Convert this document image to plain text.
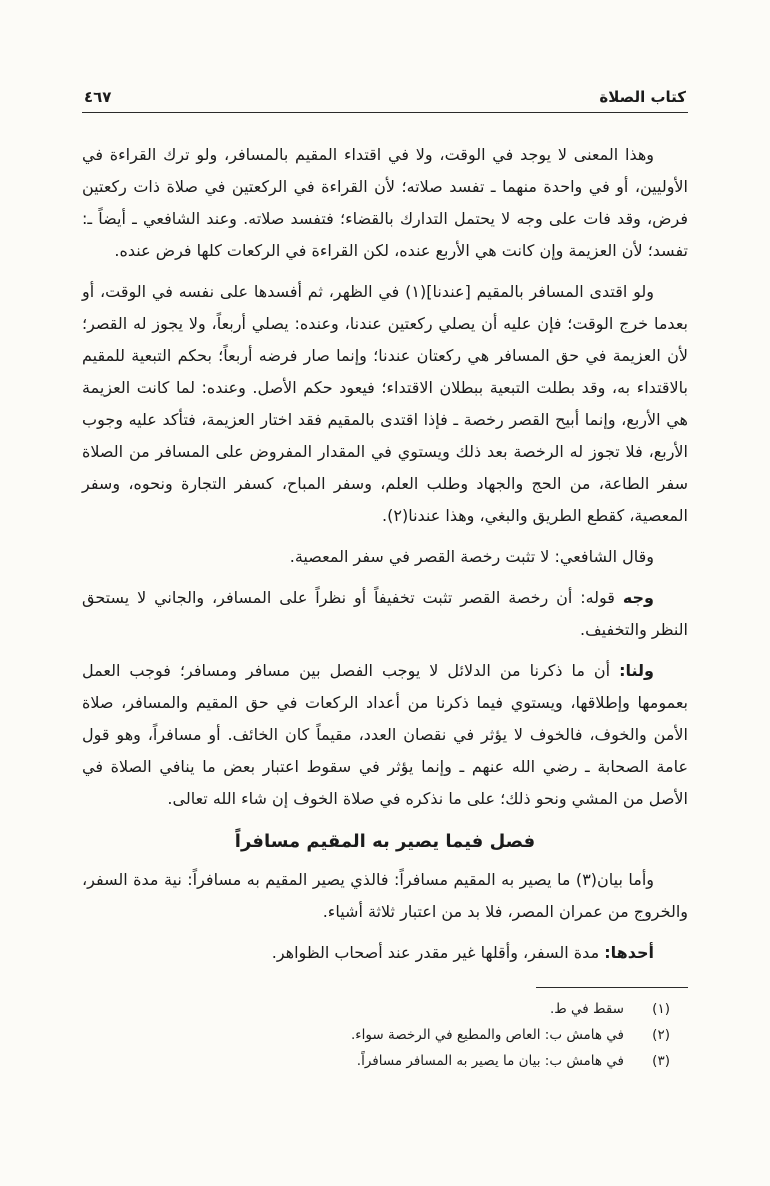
كتاب الصلاة
٤٦٧

وهذا المعنى لا يوجد في الوقت، ولا في اقتداء المقيم بالمسافر، ولو ترك القراءة في الأوليين، أو في واحدة منهما ـ تفسد صلاته؛ لأن القراءة في الركعتين في صلاة ذات ركعتين فرض، وقد فات على وجه لا يحتمل التدارك بالقضاء؛ فتفسد صلاته. وعند الشافعي ـ أيضاً ـ: تفسد؛ لأن العزيمة وإن كانت هي الأربع عنده، لكن القراءة في الركعات كلها فرض عنده.

ولو اقتدى المسافر بالمقيم [عندنا](١) في الظهر، ثم أفسدها على نفسه في الوقت، أو بعدما خرج الوقت؛ فإن عليه أن يصلي ركعتين عندنا، وعنده: يصلي أربعاً، ولا يجوز له القصر؛ لأن العزيمة في حق المسافر هي ركعتان عندنا؛ وإنما صار فرضه أربعاً؛ بحكم التبعية للمقيم بالاقتداء به، وقد بطلت التبعية ببطلان الاقتداء؛ فيعود حكم الأصل. وعنده: لما كانت العزيمة هي الأربع، وإنما أبيح القصر رخصة ـ فإذا اقتدى بالمقيم فقد اختار العزيمة، فتأكد عليه وجوب الأربع، فلا تجوز له الرخصة بعد ذلك ويستوي في المقدار المفروض على المسافر من الصلاة سفر الطاعة، من الحج والجهاد وطلب العلم، وسفر المباح، كسفر التجارة ونحوه، وسفر المعصية، كقطع الطريق والبغي، وهذا عندنا(٢).

وقال الشافعي: لا تثبت رخصة القصر في سفر المعصية.

وجه قوله: أن رخصة القصر تثبت تخفيفاً أو نظراً على المسافر، والجاني لا يستحق النظر والتخفيف.

ولنا: أن ما ذكرنا من الدلائل لا يوجب الفصل بين مسافر ومسافر؛ فوجب العمل بعمومها وإطلاقها، ويستوي فيما ذكرنا من أعداد الركعات في حق المقيم والمسافر، صلاة الأمن والخوف، فالخوف لا يؤثر في نقصان العدد، مقيماً كان الخائف. أو مسافراً، وهو قول عامة الصحابة ـ رضي الله عنهم ـ وإنما يؤثر في سقوط اعتبار بعض ما ينافي الصلاة في الأصل من المشي ونحو ذلك؛ على ما نذكره في صلاة الخوف إن شاء الله تعالى.

فصل فيما يصير به المقيم مسافراً

وأما بيان(٣) ما يصير به المقيم مسافراً: فالذي يصير المقيم به مسافراً: نية مدة السفر، والخروج من عمران المصر، فلا بد من اعتبار ثلاثة أشياء.

أحدها: مدة السفر، وأقلها غير مقدر عند أصحاب الظواهر.

(١)
سقط في ط.
(٢)
في هامش ب: العاص والمطيع في الرخصة سواء.
(٣)
في هامش ب: بيان ما يصير به المسافر مسافراً.
